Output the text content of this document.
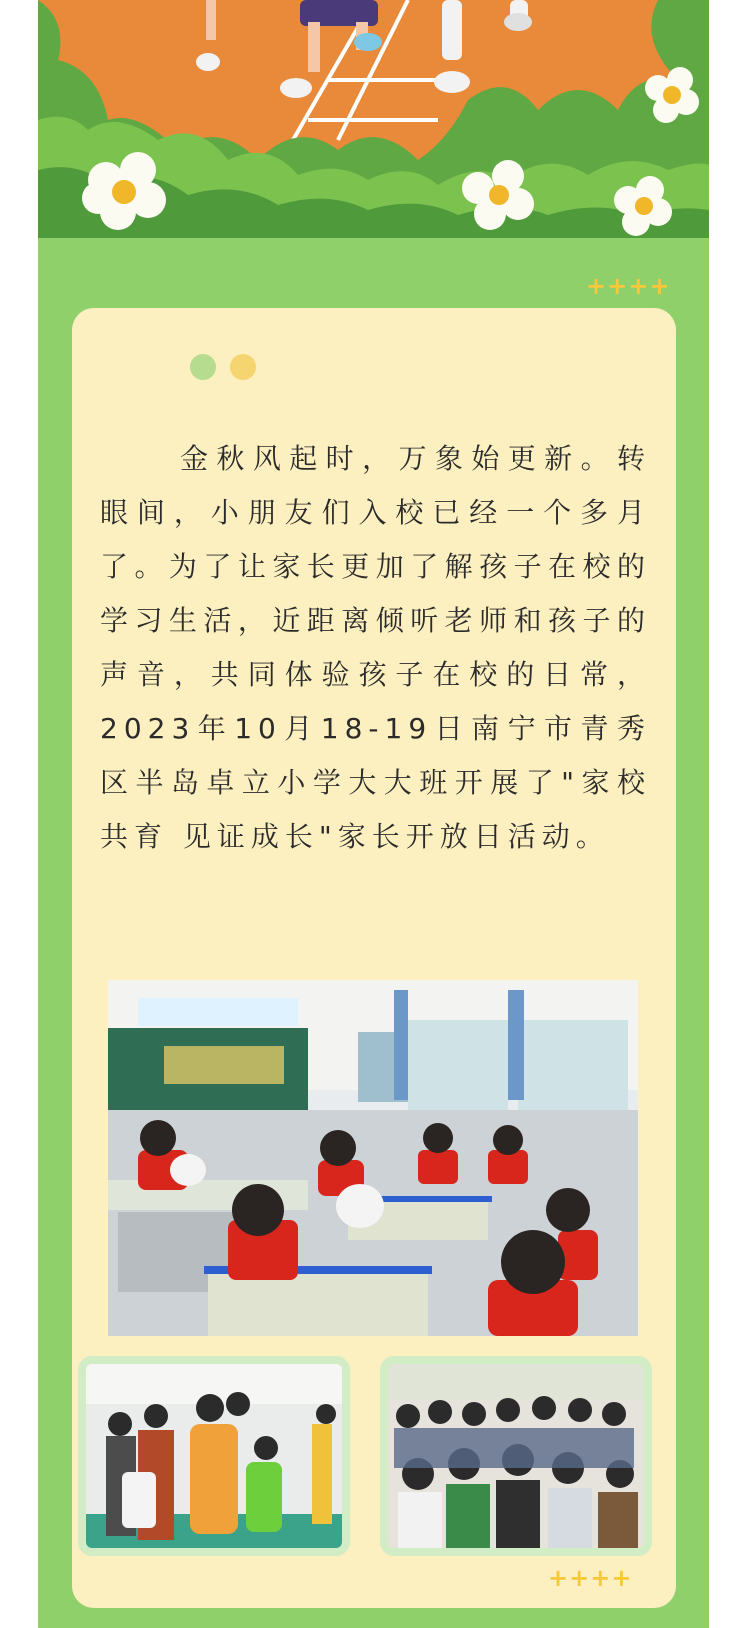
++++

金秋风起时，万象始更新。转眼间，小朋友们入校已经一个多月了。为了让家长更加了解孩子在校的学习生活，近距离倾听老师和孩子的声音，共同体验孩子在校的日常，2023年10月18-19日南宁市青秀区半岛卓立小学大大班开展了"家校共育 见证成长"家长开放日活动。

++++
